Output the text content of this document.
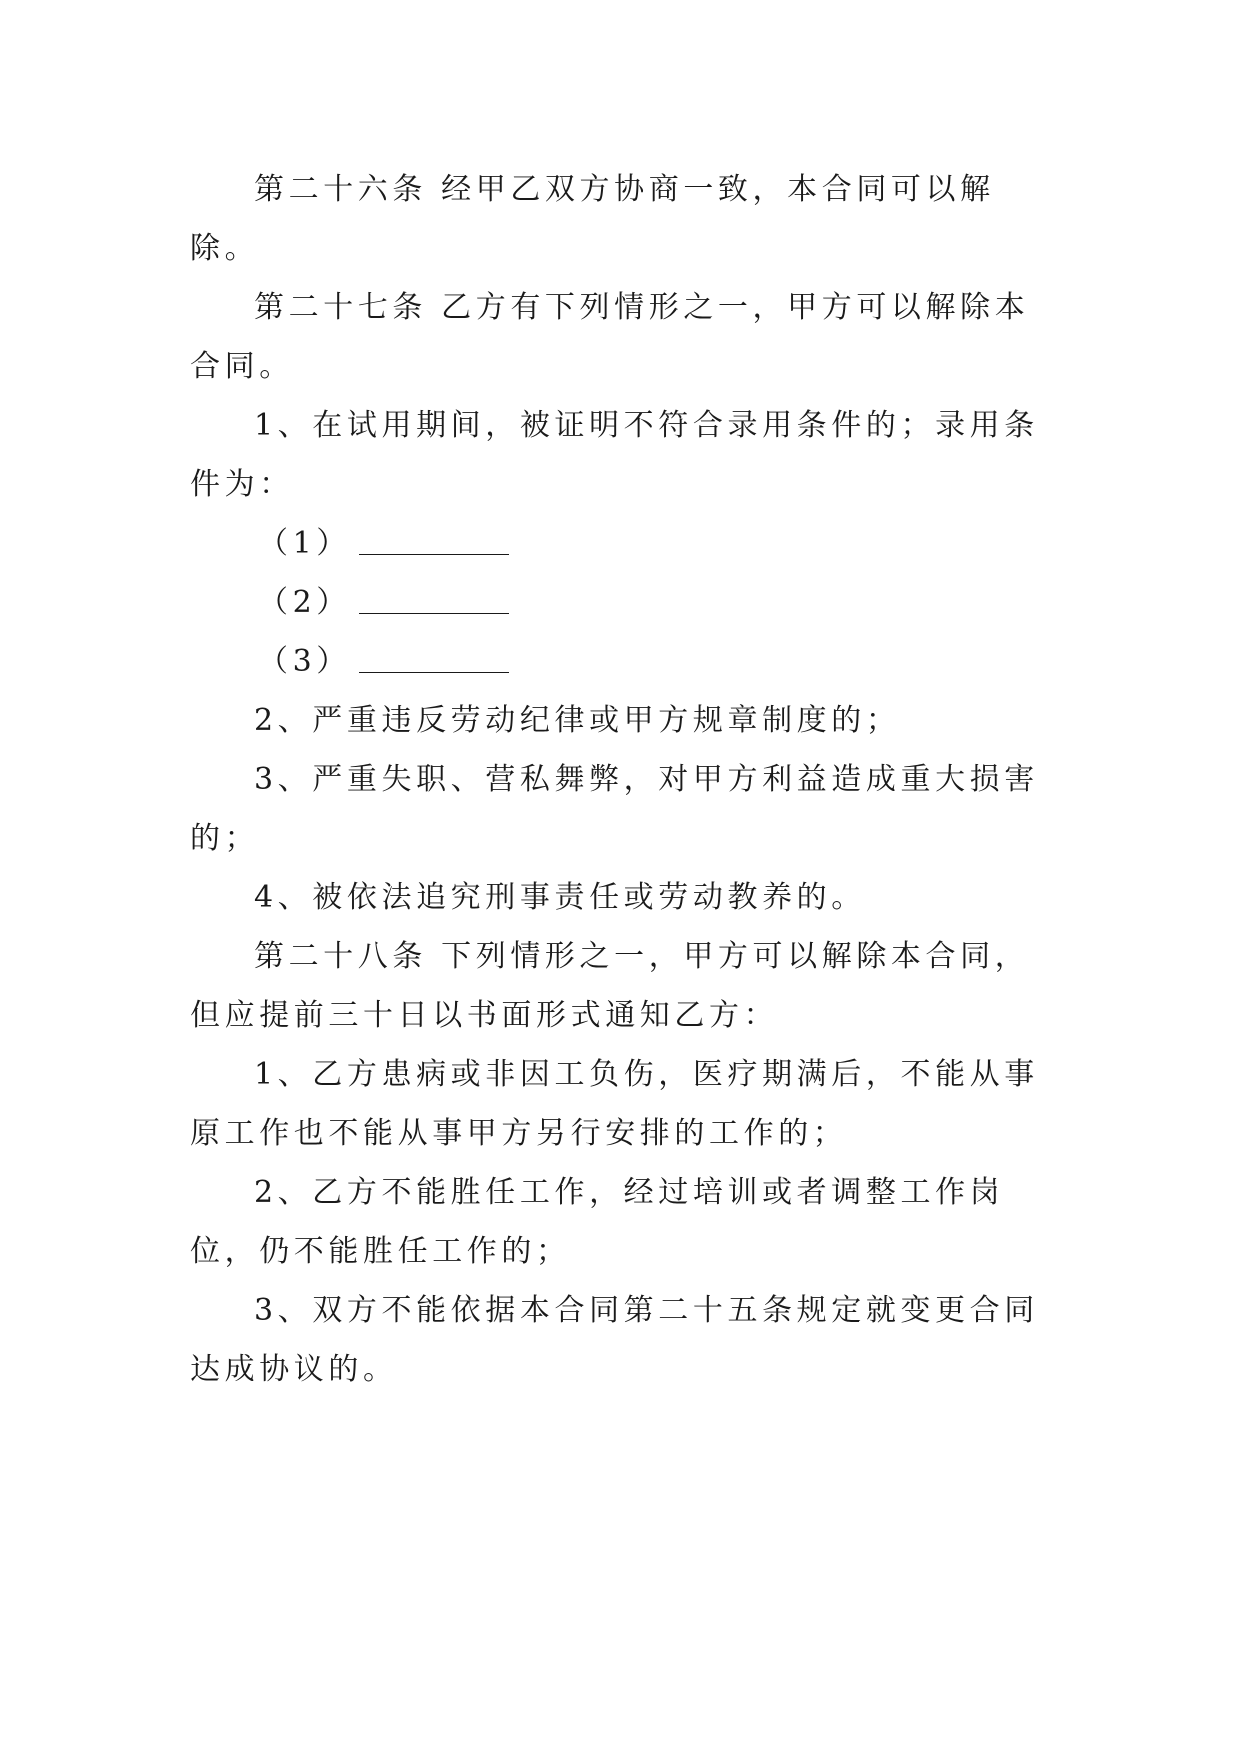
第二十六条 经甲乙双方协商一致，本合同可以解除。

第二十七条 乙方有下列情形之一，甲方可以解除本合同。

1、在试用期间，被证明不符合录用条件的；录用条件为：

（1）

（2）

（3）

2、严重违反劳动纪律或甲方规章制度的；

3、严重失职、营私舞弊，对甲方利益造成重大损害的；

4、被依法追究刑事责任或劳动教养的。

第二十八条 下列情形之一，甲方可以解除本合同，但应提前三十日以书面形式通知乙方：

1、乙方患病或非因工负伤，医疗期满后，不能从事原工作也不能从事甲方另行安排的工作的；

2、乙方不能胜任工作，经过培训或者调整工作岗位，仍不能胜任工作的；

3、双方不能依据本合同第二十五条规定就变更合同达成协议的。
